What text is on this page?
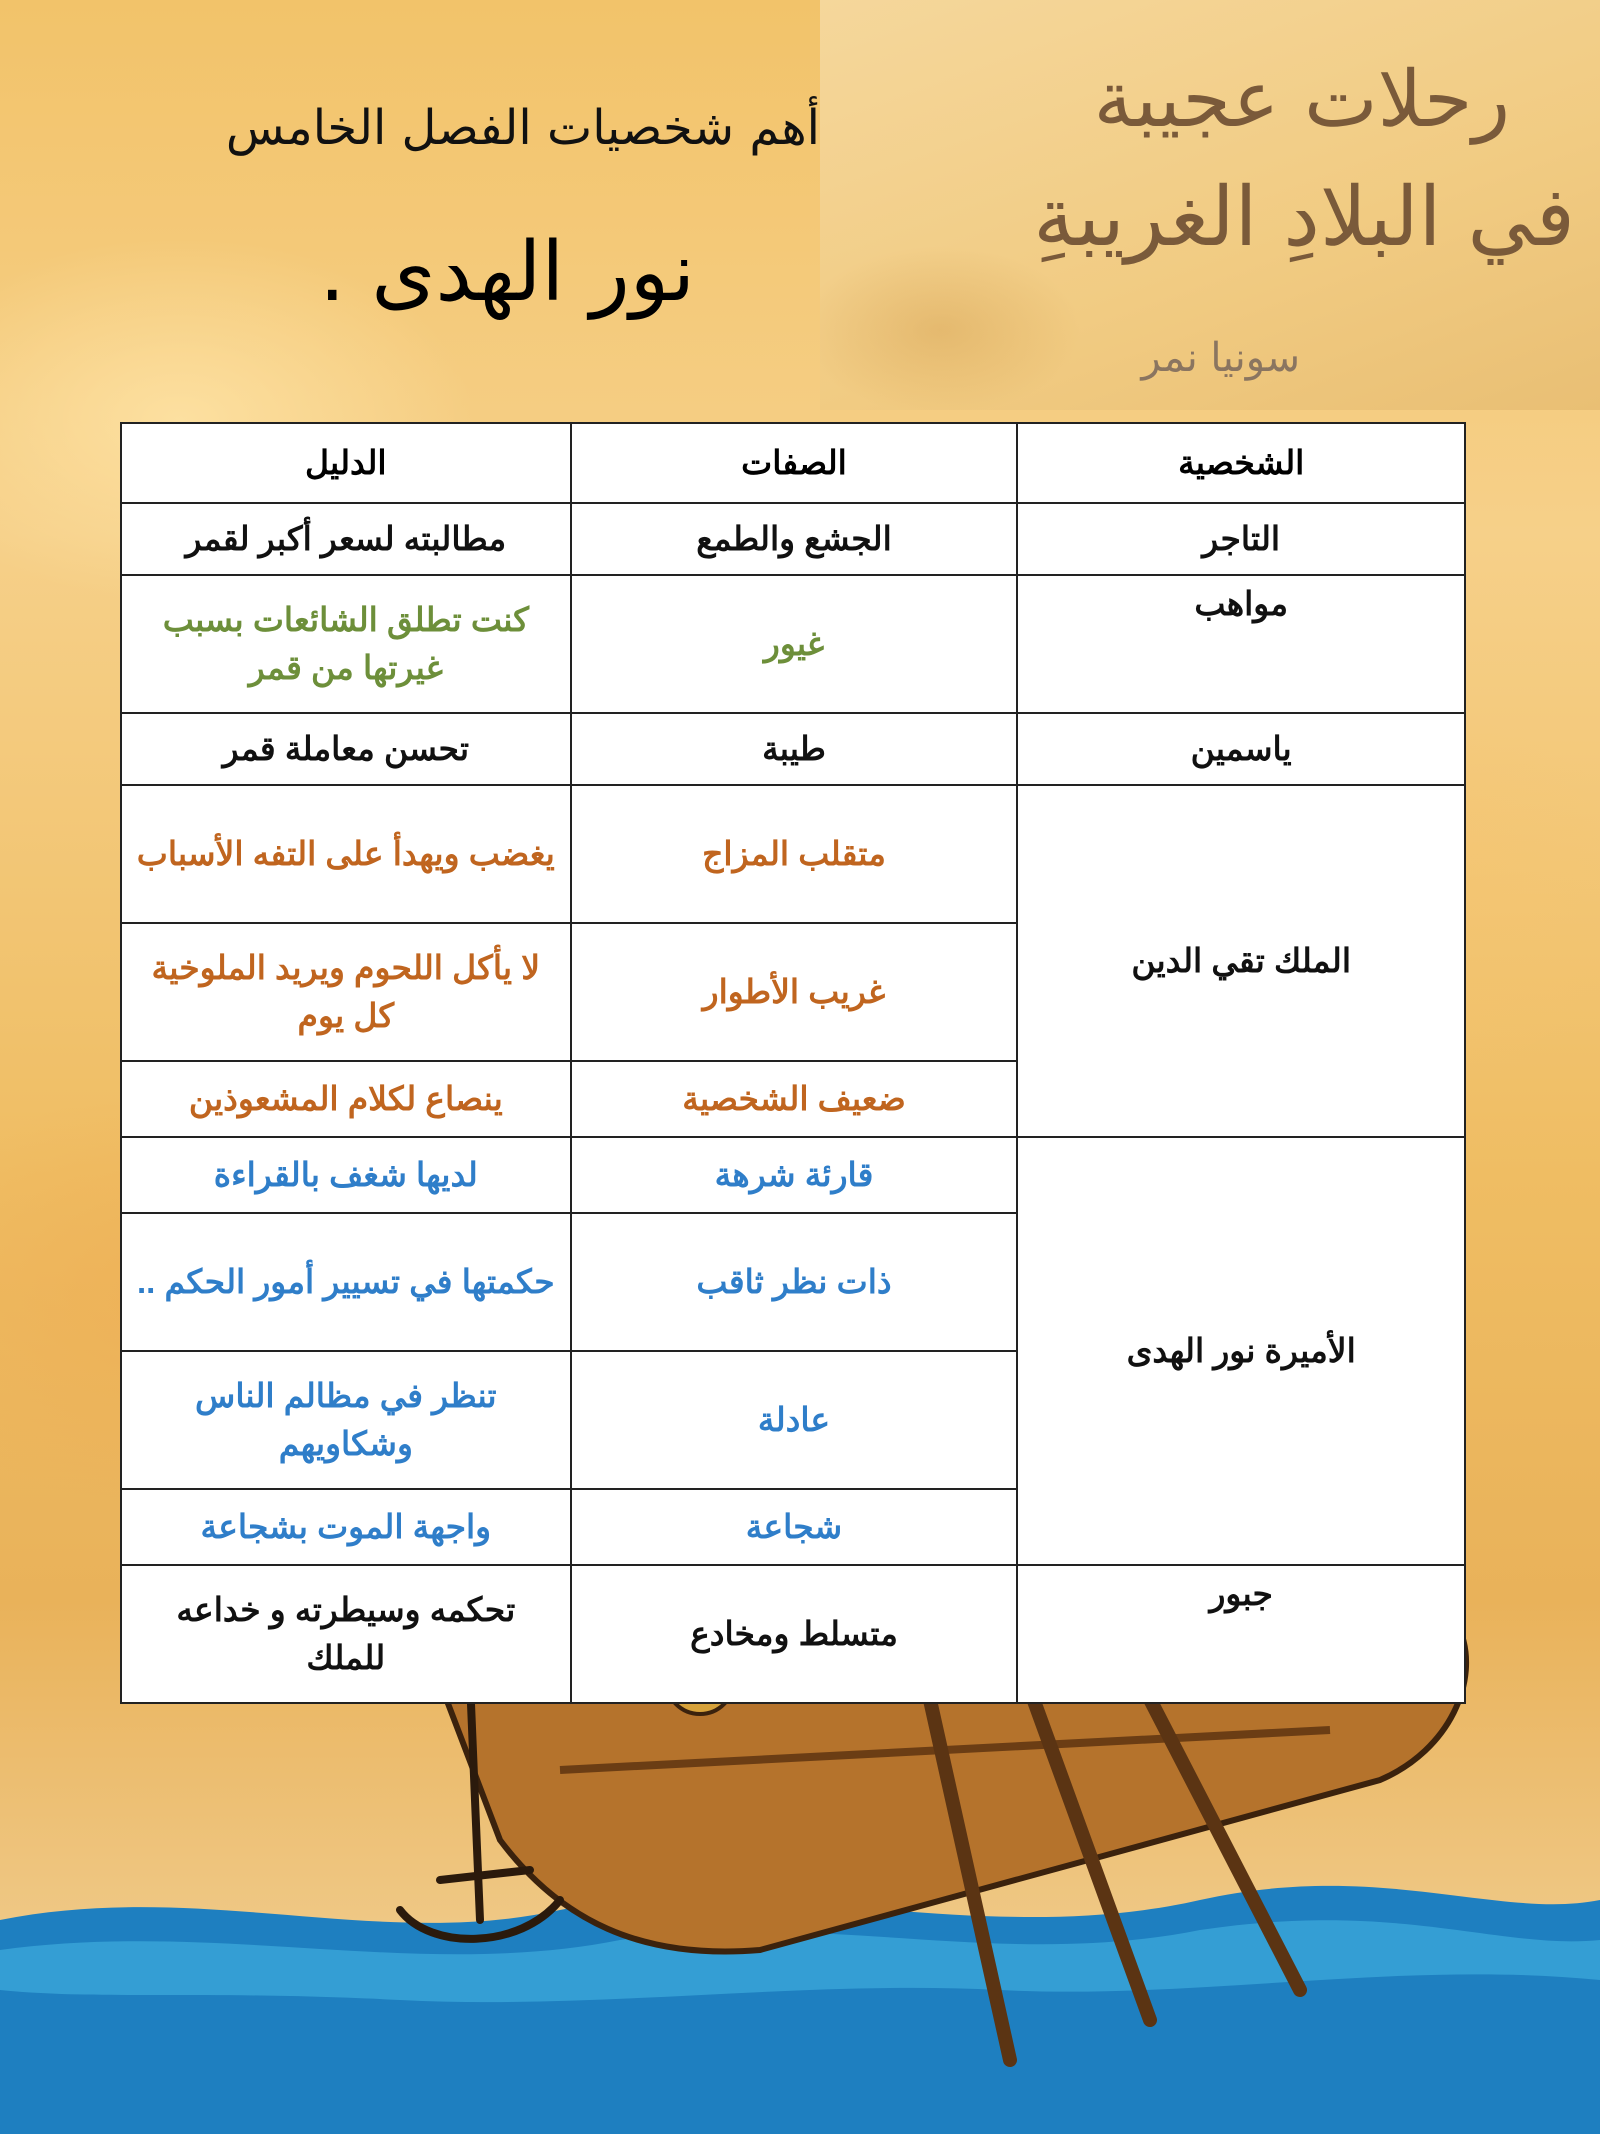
رحلات عجيبة
في البلادِ الغريبةِ
سونيا نمر
أهم شخصيات الفصل الخامس
نور الهدى .
الشخصية	الصفات	الدليل
التاجر	الجشع والطمع	مطالبته لسعر أكبر لقمر
مواهب	غيور	كنت تطلق الشائعات بسبب غيرتها من قمر
ياسمين	طيبة	تحسن معاملة قمر
الملك تقي الدين	متقلب المزاج	يغضب ويهدأ على التفه الأسباب
	غريب الأطوار	لا يأكل اللحوم ويريد الملوخية كل يوم
	ضعيف الشخصية	ينصاع لكلام المشعوذين
الأميرة نور الهدى	قارئة شرهة	لديها شغف بالقراءة
	ذات نظر ثاقب	حكمتها في تسيير أمور الحكم ..
	عادلة	تنظر في مظالم الناس وشكاويهم
	شجاعة	واجهة الموت بشجاعة
جبور	متسلط ومخادع	تحكمه وسيطرته و خداعه للملك
